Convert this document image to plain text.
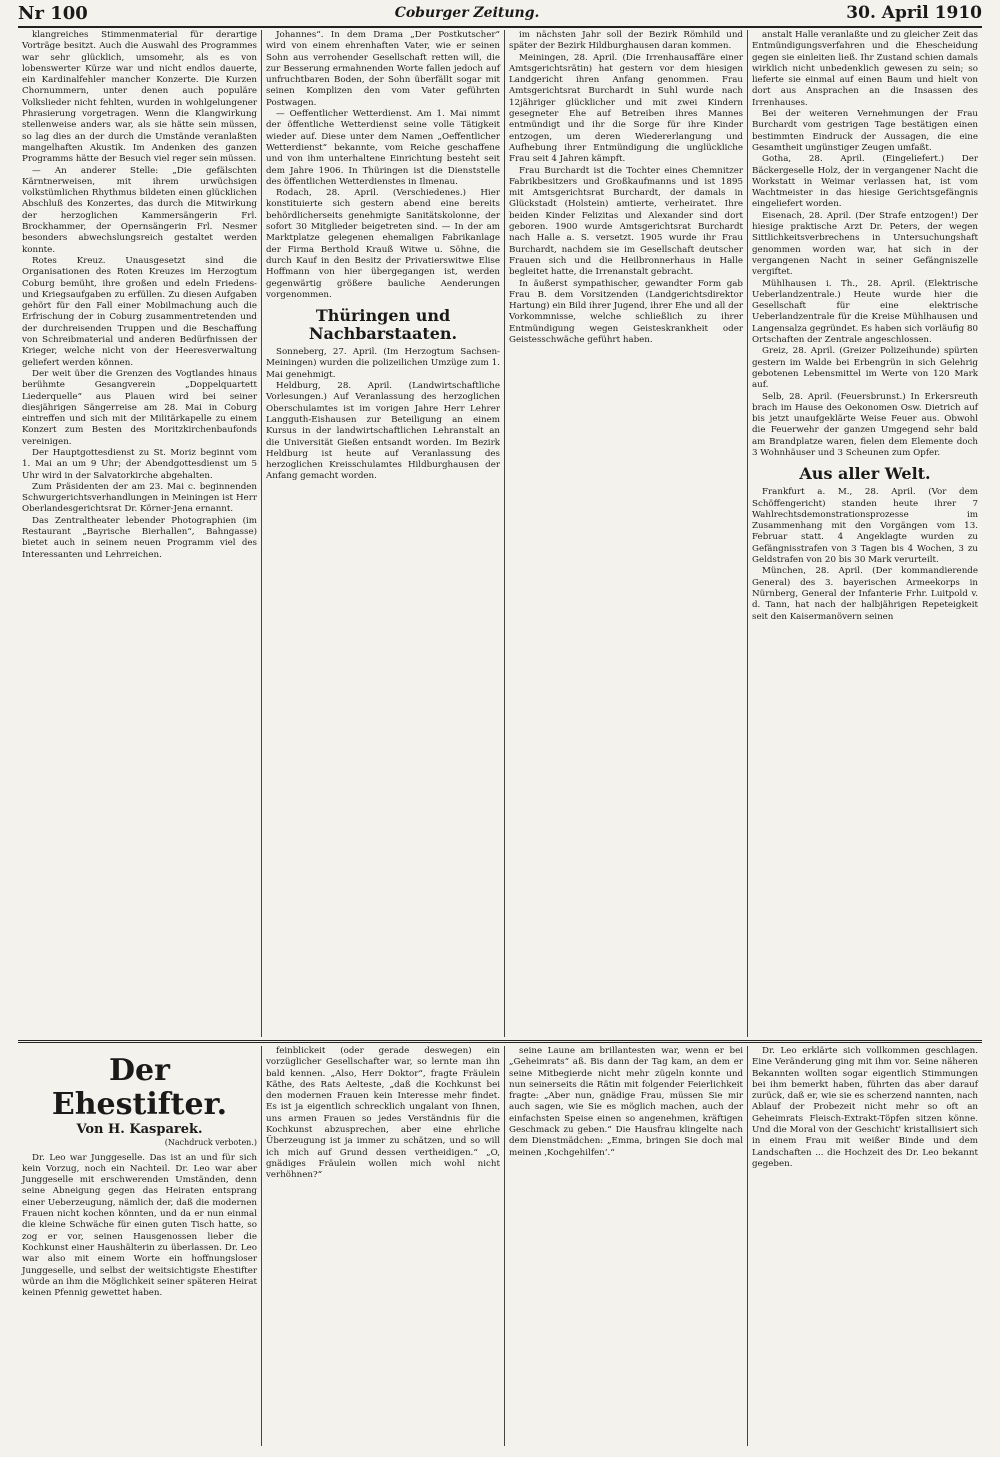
Nr 100	Coburger Zeitung.	30. April 1910

klangreiches Stimmenmaterial für derartige Vorträge besitzt. Auch die Auswahl des Programmes war sehr glücklich, umsomehr, als es von lobenswerter Kürze war und nicht endlos dauerte, ein Kardinalfehler mancher Konzerte. Die Kurzen Chornummern, unter denen auch populäre Volkslieder nicht fehlten, wurden in wohlgelungener Phrasierung vorgetragen. Wenn die Klangwirkung stellenweise anders war, als sie hätte sein müssen, so lag dies an der durch die Umstände veranlaßten mangelhaften Akustik. Im Andenken des ganzen Programms hätte der Besuch viel reger sein müssen.

— An anderer Stelle: „Die gefälschten Kärntnerweisen, mit ihrem urwüchsigen volkstümlichen Rhythmus bildeten einen glücklichen Abschluß des Konzertes, das durch die Mitwirkung der herzoglichen Kammersängerin Frl. Brockhammer, der Opernsängerin Frl. Nesmer besonders abwechslungsreich gestaltet werden konnte.

Rotes Kreuz. Unausgesetzt sind die Organisationen des Roten Kreuzes im Herzogtum Coburg bemüht, ihre großen und edeln Friedens- und Kriegsaufgaben zu erfüllen. Zu diesen Aufgaben gehört für den Fall einer Mobilmachung auch die Erfrischung der in Coburg zusammentretenden und der durchreisenden Truppen und die Beschaffung von Schreibmaterial und anderen Bedürfnissen der Krieger, welche nicht von der Heeresverwaltung geliefert werden können.

Der weit über die Grenzen des Vogtlandes hinaus berühmte Gesangverein „Doppelquartett Liederquelle“ aus Plauen wird bei seiner diesjährigen Sängerreise am 28. Mai in Coburg eintreffen und sich mit der Militärkapelle zu einem Konzert zum Besten des Moritzkirchenbaufonds vereinigen.

Der Hauptgottesdienst zu St. Moriz beginnt vom 1. Mai an um 9 Uhr; der Abendgottesdienst um 5 Uhr wird in der Salvatorkirche abgehalten.

Zum Präsidenten der am 23. Mai c. beginnenden Schwurgerichtsverhandlungen in Meiningen ist Herr Oberlandesgerichtsrat Dr. Körner-Jena ernannt.

Das Zentraltheater lebender Photographien (im Restaurant „Bayrische Bierhallen“, Bahngasse) bietet auch in seinem neuen Programm viel des Interessanten und Lehrreichen.

Johannes“. In dem Drama „Der Postkutscher“ wird von einem ehrenhaften Vater, wie er seinen Sohn aus verrohender Gesellschaft retten will, die zur Besserung ermahnenden Worte fallen jedoch auf unfruchtbaren Boden, der Sohn überfällt sogar mit seinen Komplizen den vom Vater geführten Postwagen.

— Oeffentlicher Wetterdienst. Am 1. Mai nimmt der öffentliche Wetterdienst seine volle Tätigkeit wieder auf. Diese unter dem Namen „Oeffentlicher Wetterdienst“ bekannte, vom Reiche geschaffene und von ihm unterhaltene Einrichtung besteht seit dem Jahre 1906. In Thüringen ist die Dienststelle des öffentlichen Wetterdienstes in Ilmenau.

Rodach, 28. April. (Verschiedenes.) Hier konstituierte sich gestern abend eine bereits behördlicherseits genehmigte Sanitätskolonne, der sofort 30 Mitglieder beigetreten sind. — In der am Marktplatze gelegenen ehemaligen Fabrikanlage der Firma Berthold Krauß Witwe u. Söhne, die durch Kauf in den Besitz der Privatierswitwe Elise Hoffmann von hier übergegangen ist, werden gegenwärtig größere bauliche Aenderungen vorgenommen.

Thüringen und Nachbarstaaten.

Sonneberg, 27. April. (Im Herzogtum Sachsen-Meiningen) wurden die polizeilichen Umzüge zum 1. Mai genehmigt.

Heldburg, 28. April. (Landwirtschaftliche Vorlesungen.) Auf Veranlassung des herzoglichen Oberschulamtes ist im vorigen Jahre Herr Lehrer Langguth-Eishausen zur Beteiligung an einem Kursus in der landwirtschaftlichen Lehranstalt an die Universität Gießen entsandt worden. Im Bezirk Heldburg ist heute auf Veranlassung des herzoglichen Kreisschulamtes Hildburghausen der Anfang gemacht worden.

im nächsten Jahr soll der Bezirk Römhild und später der Bezirk Hildburghausen daran kommen.

Meiningen, 28. April. (Die Irrenhausaffäre einer Amtsgerichtsrätin) hat gestern vor dem hiesigen Landgericht ihren Anfang genommen. Frau Amtsgerichtsrat Burchardt in Suhl wurde nach 12jähriger glücklicher und mit zwei Kindern gesegneter Ehe auf Betreiben ihres Mannes entmündigt und ihr die Sorge für ihre Kinder entzogen, um deren Wiedererlangung und Aufhebung ihrer Entmündigung die unglückliche Frau seit 4 Jahren kämpft.

Frau Burchardt ist die Tochter eines Chemnitzer Fabrikbesitzers und Großkaufmanns und ist 1895 mit Amtsgerichtsrat Burchardt, der damals in Glückstadt (Holstein) amtierte, verheiratet. Ihre beiden Kinder Felizitas und Alexander sind dort geboren. 1900 wurde Amtsgerichtsrat Burchardt nach Halle a. S. versetzt. 1905 wurde ihr Frau Burchardt, nachdem sie im Gesellschaft deutscher Frauen sich und die Heilbronnerhaus in Halle begleitet hatte, die Irrenanstalt gebracht.

In äußerst sympathischer, gewandter Form gab Frau B. dem Vorsitzenden (Landgerichtsdirektor Hartung) ein Bild ihrer Jugend, ihrer Ehe und all der Vorkommnisse, welche schließlich zu ihrer Entmündigung wegen Geisteskrankheit oder Geistesschwäche geführt haben.

anstalt Halle veranlaßte und zu gleicher Zeit das Entmündigungsverfahren und die Ehescheidung gegen sie einleiten ließ. Ihr Zustand schien damals wirklich nicht unbedenklich gewesen zu sein; so lieferte sie einmal auf einen Baum und hielt von dort aus Ansprachen an die Insassen des Irrenhauses.

Bei der weiteren Vernehmungen der Frau Burchardt vom gestrigen Tage bestätigen einen bestimmten Eindruck der Aussagen, die eine Gesamtheit ungünstiger Zeugen umfaßt.

Gotha, 28. April. (Eingeliefert.) Der Bäckergeselle Holz, der in vergangener Nacht die Workstatt in Weimar verlassen hat, ist vom Wachtmeister in das hiesige Gerichtsgefängnis eingeliefert worden.

Eisenach, 28. April. (Der Strafe entzogen!) Der hiesige praktische Arzt Dr. Peters, der wegen Sittlichkeitsverbrechens in Untersuchungshaft genommen worden war, hat sich in der vergangenen Nacht in seiner Gefängniszelle vergiftet.

Mühlhausen i. Th., 28. April. (Elektrische Ueberlandzentrale.) Heute wurde hier die Gesellschaft für eine elektrische Ueberlandzentrale für die Kreise Mühlhausen und Langensalza gegründet. Es haben sich vorläufig 80 Ortschaften der Zentrale angeschlossen.

Greiz, 28. April. (Greizer Polizeihunde) spürten gestern im Walde bei Erbengrün in sich Gelehrig gebotenen Lebensmittel im Werte von 120 Mark auf.

Selb, 28. April. (Feuersbrunst.) In Erkersreuth brach im Hause des Oekonomen Osw. Dietrich auf bis jetzt unaufgeklärte Weise Feuer aus. Obwohl die Feuerwehr der ganzen Umgegend sehr bald am Brandplatze waren, fielen dem Elemente doch 3 Wohnhäuser und 3 Scheunen zum Opfer.

Aus aller Welt.

Frankfurt a. M., 28. April. (Vor dem Schöffengericht) standen heute ihrer 7 Wahlrechtsdemonstrationsprozesse im Zusammenhang mit den Vorgängen vom 13. Februar statt. 4 Angeklagte wurden zu Gefängnisstrafen von 3 Tagen bis 4 Wochen, 3 zu Geldstrafen von 20 bis 30 Mark verurteilt.

München, 28. April. (Der kommandierende General) des 3. bayerischen Armeekorps in Nürnberg, General der Infanterie Frhr. Luitpold v. d. Tann, hat nach der halbjährigen Repeteigkeit seit den Kaisermanövern seinen

Der Ehestifter.
Von H. Kasparek.
(Nachdruck verboten.)

Dr. Leo war Junggeselle. Das ist an und für sich kein Vorzug, noch ein Nachteil. Dr. Leo war aber Junggeselle mit erschwerenden Umständen, denn seine Abneigung gegen das Heiraten entsprang einer Ueberzeugung, nämlich der, daß die modernen Frauen nicht kochen könnten, und da er nun einmal die kleine Schwäche für einen guten Tisch hatte, so zog er vor, seinen Hausgenossen lieber die Kochkunst einer Haushälterin zu überlassen. Dr. Leo war also mit einem Worte ein hoffnungsloser Junggeselle, und selbst der weitsichtigste Ehestifter würde an ihm die Möglichkeit seiner späteren Heirat keinen Pfennig gewettet haben.

feinblickeit (oder gerade deswegen) ein vorzüglicher Gesellschafter war, so lernte man ihn bald kennen. „Also, Herr Doktor“, fragte Fräulein Käthe, des Rats Aelteste, „daß die Kochkunst bei den modernen Frauen kein Interesse mehr findet. Es ist ja eigentlich schrecklich ungalant von Ihnen, uns armen Frauen so jedes Verständnis für die Kochkunst abzusprechen, aber eine ehrliche Überzeugung ist ja immer zu schätzen, und so will ich mich auf Grund dessen vertheidigen.“ „O, gnädiges Fräulein wollen mich wohl nicht verhöhnen?“

seine Laune am brillantesten war, wenn er bei „Geheimrats“ aß. Bis dann der Tag kam, an dem er seine Mitbegierde nicht mehr zügeln konnte und nun seinerseits die Rätin mit folgender Feierlichkeit fragte: „Aber nun, gnädige Frau, müssen Sie mir auch sagen, wie Sie es möglich machen, auch der einfachsten Speise einen so angenehmen, kräftigen Geschmack zu geben.“ Die Hausfrau klingelte nach dem Dienstmädchen: „Emma, bringen Sie doch mal meinen ‚Kochgehilfen‘.“

Dr. Leo erklärte sich vollkommen geschlagen. Eine Veränderung ging mit ihm vor. Seine näheren Bekannten wollten sogar eigentlich Stimmungen bei ihm bemerkt haben, führten das aber darauf zurück, daß er, wie sie es scherzend nannten, nach Ablauf der Probezeit nicht mehr so oft an Geheimrats Fleisch-Extrakt-Töpfen sitzen könne. Und die Moral von der Geschicht' kristallisiert sich in einem Frau mit weißer Binde und dem Landschaften ... die Hochzeit des Dr. Leo bekannt gegeben.
